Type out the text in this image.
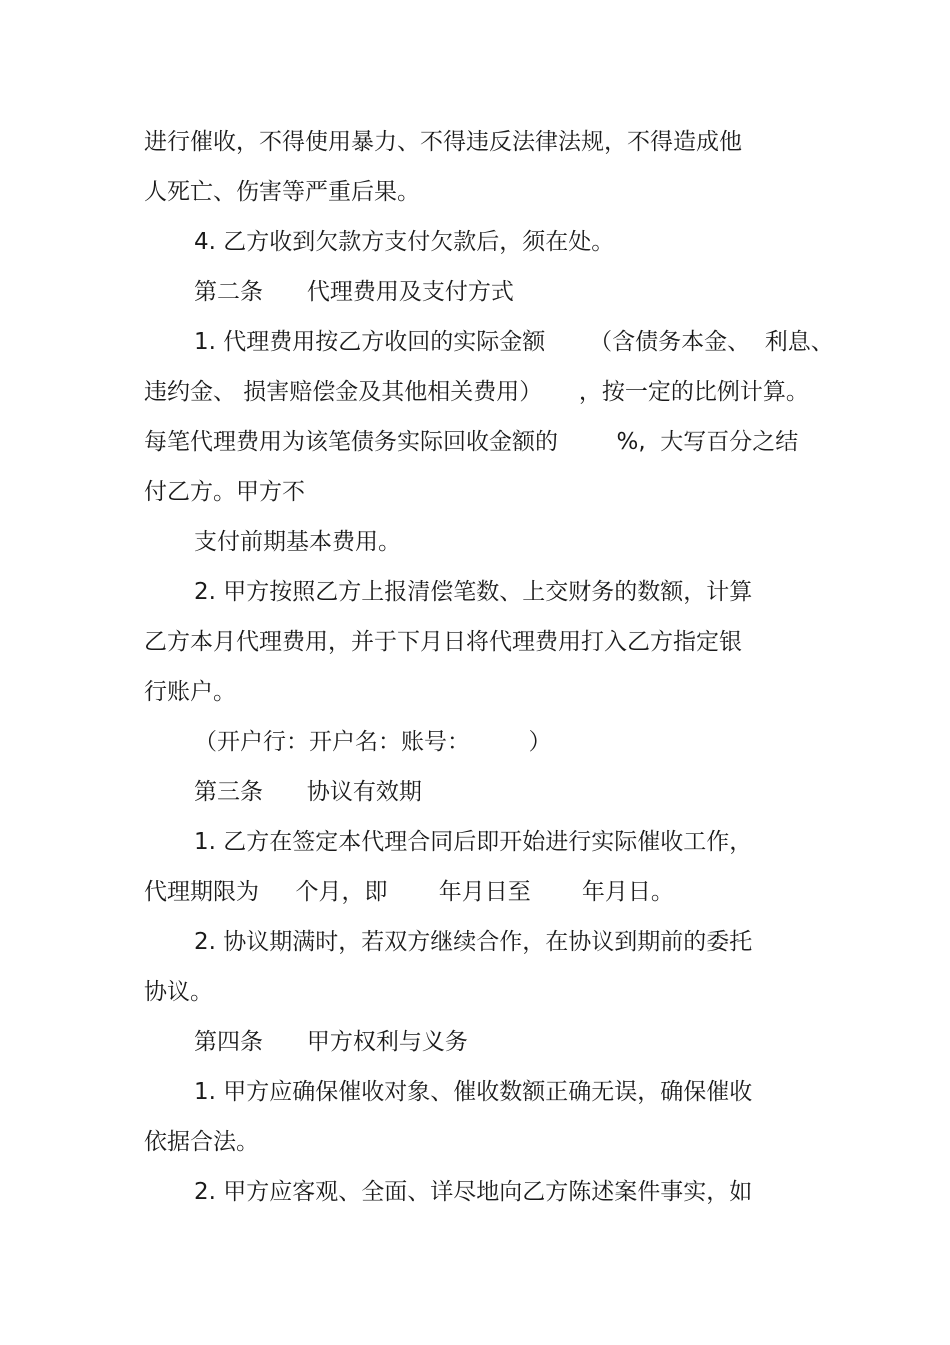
进行催收，不得使用暴力、不得违反法律法规，不得造成他
人死亡、伤害等严重后果。
4. 乙方收到欠款方支付欠款后，须在处。
第二条      代理费用及支付方式
1. 代理费用按乙方收回的实际金额      （含债务本金、  利息、
违约金、 损害赔偿金及其他相关费用）     ，按一定的比例计算。
每笔代理费用为该笔债务实际回收金额的        %,  大写百分之结
付乙方。甲方不
支付前期基本费用。
2. 甲方按照乙方上报清偿笔数、上交财务的数额，计算
乙方本月代理费用，并于下月日将代理费用打入乙方指定银
行账户。
（开户行：开户名：账号：        ）
第三条      协议有效期
1. 乙方在签定本代理合同后即开始进行实际催收工作，
代理期限为     个月，即       年月日至       年月日。
2. 协议期满时，若双方继续合作，在协议到期前的委托
协议。
第四条      甲方权利与义务
1. 甲方应确保催收对象、催收数额正确无误，确保催收
依据合法。
2. 甲方应客观、全面、详尽地向乙方陈述案件事实，如
